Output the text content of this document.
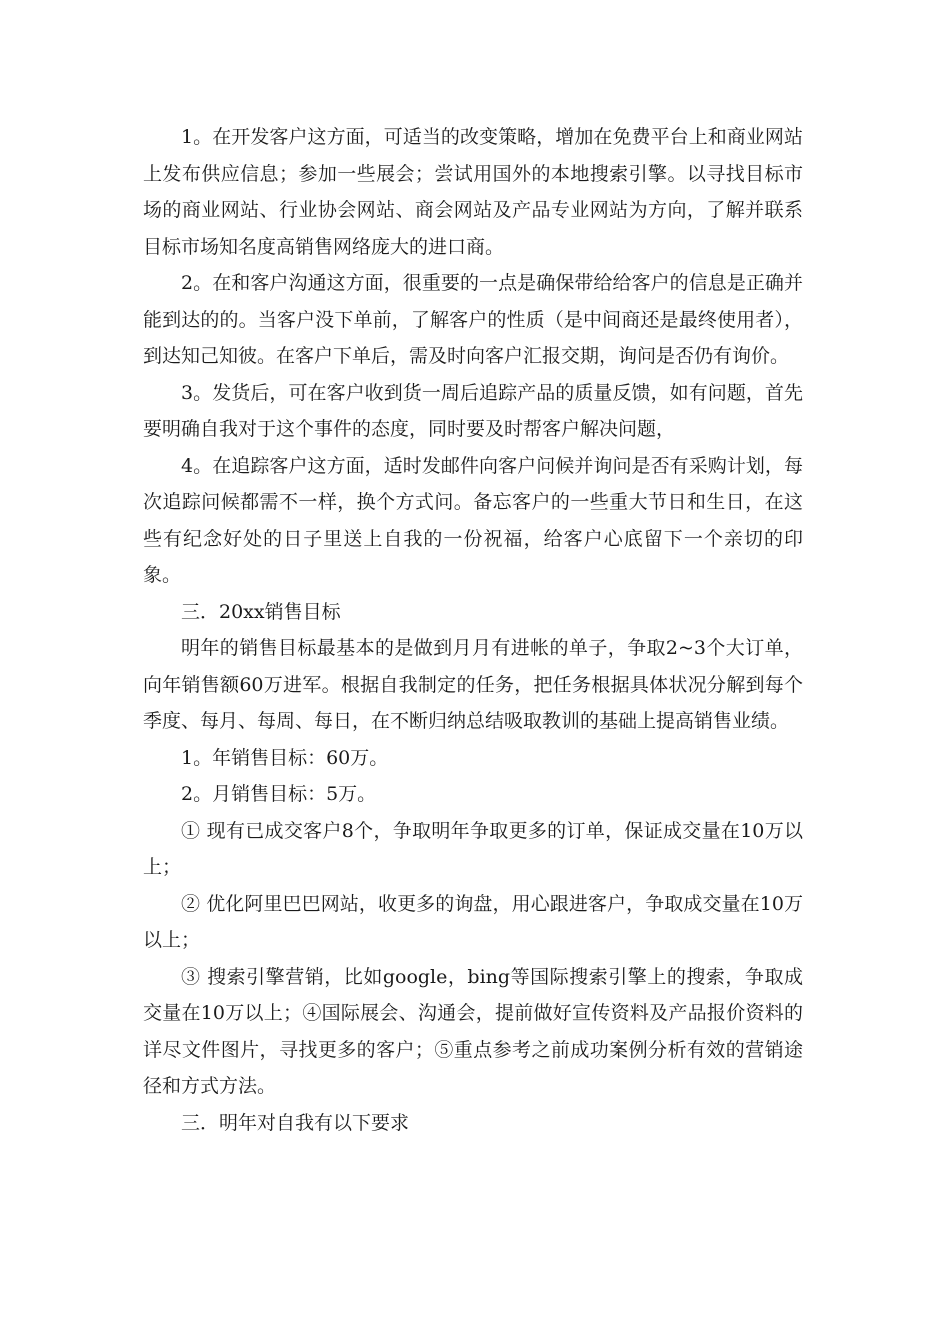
1。在开发客户这方面，可适当的改变策略，增加在免费平台上和商业网站上发布供应信息；参加一些展会；尝试用国外的本地搜索引擎。以寻找目标市场的商业网站、行业协会网站、商会网站及产品专业网站为方向，了解并联系目标市场知名度高销售网络庞大的进口商。

2。在和客户沟通这方面，很重要的一点是确保带给给客户的信息是正确并能到达的的。当客户没下单前，了解客户的性质（是中间商还是最终使用者），到达知己知彼。在客户下单后，需及时向客户汇报交期，询问是否仍有询价。

3。发货后，可在客户收到货一周后追踪产品的质量反馈，如有问题，首先要明确自我对于这个事件的态度，同时要及时帮客户解决问题，

4。在追踪客户这方面，适时发邮件向客户问候并询问是否有采购计划，每次追踪问候都需不一样，换个方式问。备忘客户的一些重大节日和生日，在这些有纪念好处的日子里送上自我的一份祝福，给客户心底留下一个亲切的印象。

三．20xx销售目标

明年的销售目标最基本的是做到月月有进帐的单子，争取2~3个大订单，向年销售额60万进军。根据自我制定的任务，把任务根据具体状况分解到每个季度、每月、每周、每日，在不断归纳总结吸取教训的基础上提高销售业绩。

1。年销售目标：60万。

2。月销售目标：5万。

① 现有已成交客户8个，争取明年争取更多的订单，保证成交量在10万以上；

② 优化阿里巴巴网站，收更多的询盘，用心跟进客户，争取成交量在10万以上；

③ 搜索引擎营销，比如google，bing等国际搜索引擎上的搜索，争取成交量在10万以上；④国际展会、沟通会，提前做好宣传资料及产品报价资料的详尽文件图片，寻找更多的客户；⑤重点参考之前成功案例分析有效的营销途径和方式方法。

三．明年对自我有以下要求
